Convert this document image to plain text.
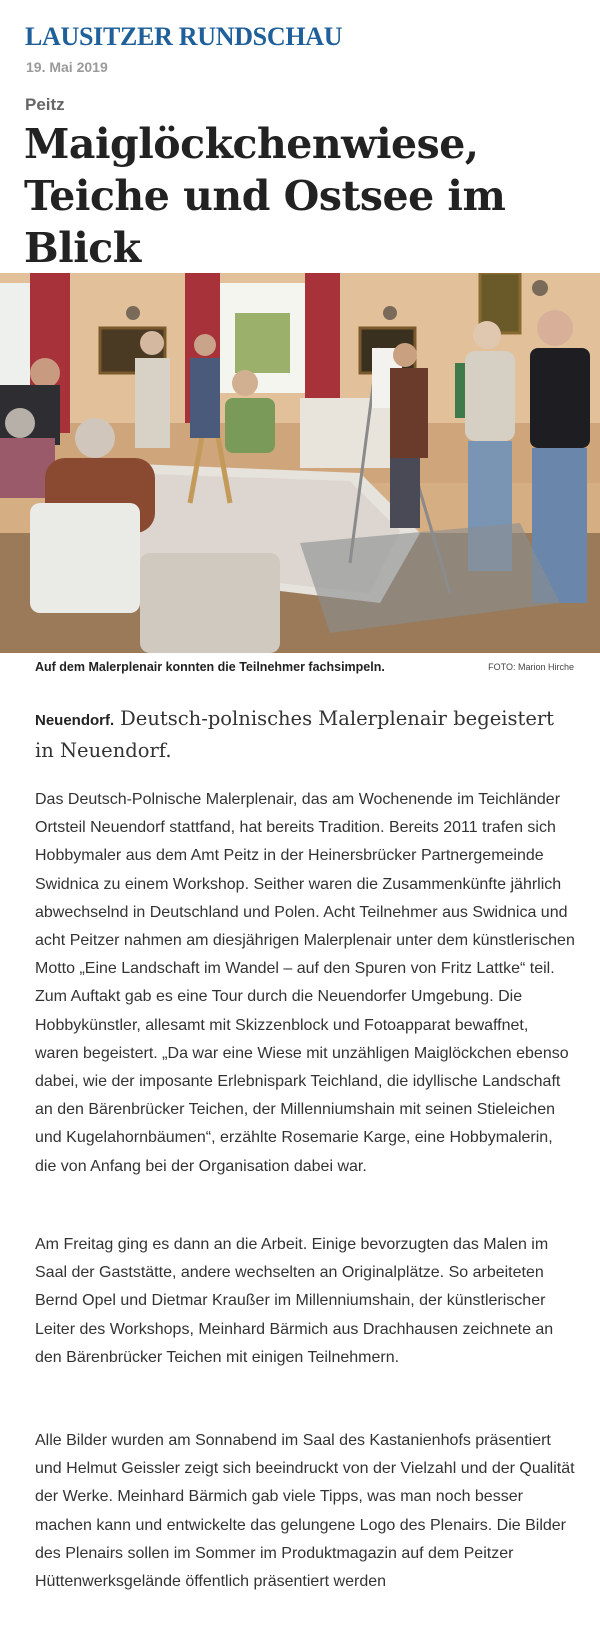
LAUSITZER RUNDSCHAU
19. Mai 2019
Peitz
Maiglöckchenwiese, Teiche und Ostsee im Blick
Auf dem Malerplenair konnten die Teilnehmer fachsimpeln.	FOTO: Marion Hirche
Neuendorf. Deutsch-polnisches Malerplenair begeistert in Neuendorf.

Das Deutsch-Polnische Malerplenair, das am Wochenende im Teichländer Ortsteil Neuendorf stattfand, hat bereits Tradition. Bereits 2011 trafen sich Hobbymaler aus dem Amt Peitz in der Heinersbrücker Partnergemeinde Swidnica zu einem Workshop. Seither waren die Zusammenkünfte jährlich abwechselnd in Deutschland und Polen. Acht Teilnehmer aus Swidnica und acht Peitzer nahmen am diesjährigen Malerplenair unter dem künstlerischen Motto „Eine Landschaft im Wandel – auf den Spuren von Fritz Lattke“ teil. Zum Auftakt gab es eine Tour durch die Neuendorfer Umgebung. Die Hobbykünstler, allesamt mit Skizzenblock und Fotoapparat bewaffnet, waren begeistert. „Da war eine Wiese mit unzähligen Maiglöckchen ebenso dabei, wie der imposante Erlebnispark Teichland, die idyllische Landschaft an den Bärenbrücker Teichen, der Millenniumshain mit seinen Stieleichen und Kugelahornbäumen“, erzählte Rosemarie Karge, eine Hobbymalerin, die von Anfang bei der Organisation dabei war.

Am Freitag ging es dann an die Arbeit. Einige bevorzugten das Malen im Saal der Gaststätte, andere wechselten an Originalplätze. So arbeiteten Bernd Opel und Dietmar Kraußer im Millenniumshain, der künstlerischer Leiter des Workshops, Meinhard Bärmich aus Drachhausen zeichnete an den Bärenbrücker Teichen mit einigen Teilnehmern.

Alle Bilder wurden am Sonnabend im Saal des Kastanienhofs präsentiert und Helmut Geissler zeigt sich beeindruckt von der Vielzahl und der Qualität der Werke. Meinhard Bärmich gab viele Tipps, was man noch besser machen kann und entwickelte das gelungene Logo des Plenairs. Die Bilder des Plenairs sollen im Sommer im Produktmagazin auf dem Peitzer Hüttenwerksgelände öffentlich präsentiert werden
